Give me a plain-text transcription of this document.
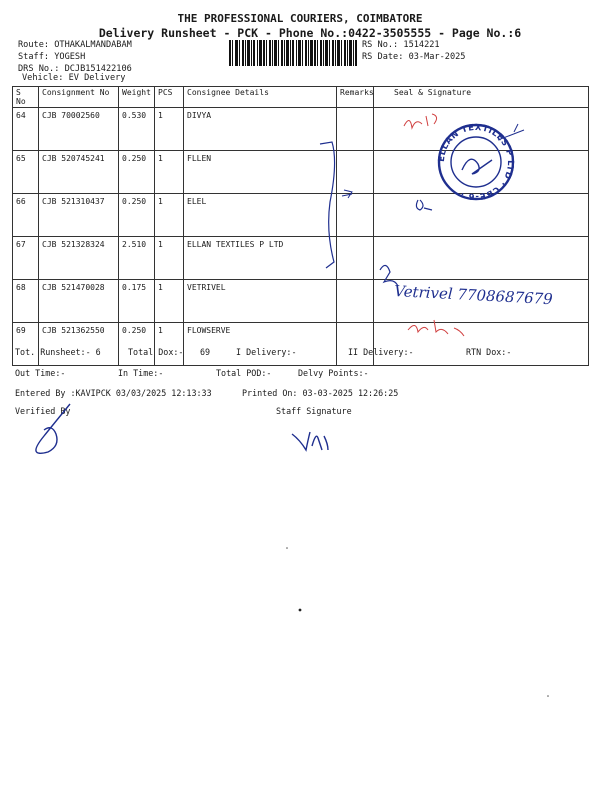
THE PROFESSIONAL COURIERS, COIMBATORE
Delivery Runsheet - PCK - Phone No.:0422-3505555 - Page No.:6
Route: OTHAKALMANDABAM
Staff: YOGESH
DRS No.: DCJB151422106
Vehicle: EV Delivery
RS No.: 1514221
RS Date: 03-Mar-2025
S No	Consignment No	Weight	PCS	Consignee Details	Remarks	Seal & Signature
64	CJB 70002560	0.530	1	DIVYA		
65	CJB 520745241	0.250	1	FLLEN		
66	CJB 521310437	0.250	1	ELEL		
67	CJB 521328324	2.510	1	ELLAN TEXTILES P LTD		
68	CJB 521470028	0.175	1	VETRIVEL		
69	CJB 521362550	0.250	1	FLOWSERVE		
Tot. Runsheet:- 6	Total Dox:- 69	I Delivery:-	II Delivery:-	RTN Dox:-
Out Time:-	In Time:-	Total POD:-	Delvy Points:-
Entered By :KAVIPCK 03/03/2025 12:13:33	Printed On: 03-03-2025 12:26:25
Verified By	Staff Signature
ELLAN TEXTILES P LTD · CBE-6 ·
Vetrivel 7708687679
